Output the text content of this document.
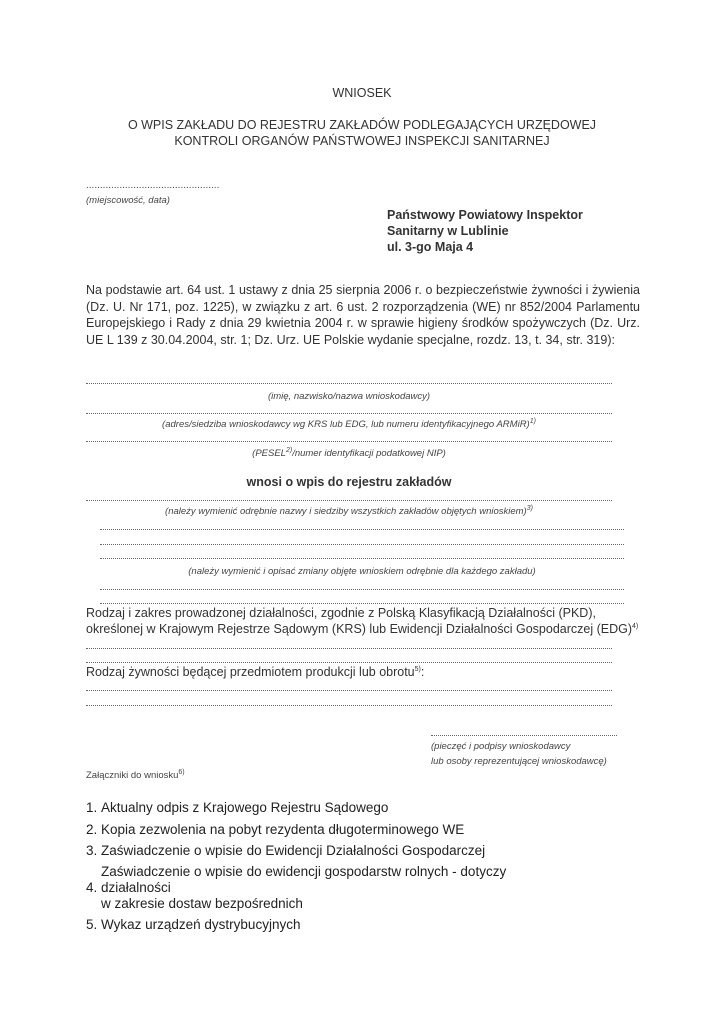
WNIOSEK
O WPIS ZAKŁADU DO REJESTRU ZAKŁADÓW PODLEGAJĄCYCH URZĘDOWEJ
KONTROLI ORGANÓW PAŃSTWOWEJ INSPEKCJI SANITARNEJ
................................................
(miejscowość, data)
Państwowy Powiatowy Inspektor
Sanitarny w Lublinie
ul. 3-go Maja 4
Na podstawie art. 64 ust. 1 ustawy z dnia 25 sierpnia 2006 r. o bezpieczeństwie żywności i żywienia (Dz. U. Nr 171, poz. 1225), w związku z art. 6 ust. 2 rozporządzenia (WE) nr 852/2004 Parlamentu Europejskiego i Rady z dnia 29 kwietnia 2004 r. w sprawie higieny środków spożywczych (Dz. Urz. UE L 139 z 30.04.2004, str. 1; Dz. Urz. UE Polskie wydanie specjalne, rozdz. 13, t. 34, str. 319):
(imię, nazwisko/nazwa wnioskodawcy)
(adres/siedziba wnioskodawcy wg KRS lub EDG, lub numeru identyfikacyjnego ARMiR)$^{1)}$
(PESEL$^{2)}$/numer identyfikacji podatkowej NIP)
wnosi o wpis do rejestru zakładów
(należy wymienić odrębnie nazwy i siedziby wszystkich zakładów objętych wnioskiem)$^{3)}$
(należy wymienić i opisać zmiany objęte wnioskiem odrębnie dla każdego zakładu)
Rodzaj i zakres prowadzonej działalności, zgodnie z Polską Klasyfikacją Działalności (PKD),
określonej w Krajowym Rejestrze Sądowym (KRS) lub Ewidencji Działalności Gospodarczej (EDG)$^{4)}$
Rodzaj żywności będącej przedmiotem produkcji lub obrotu$^{5)}$:
(pieczęć i podpisy wnioskodawcy
lub osoby reprezentującej wnioskodawcę)
Załączniki do wniosku$^{6)}$
1. Aktualny odpis z Krajowego Rejestru Sądowego
2. Kopia zezwolenia na pobyt rezydenta długoterminowego WE
3. Zaświadczenie o wpisie do Ewidencji Działalności Gospodarczej
Zaświadczenie o wpisie do ewidencji gospodarstw rolnych - dotyczy
4. działalności
w zakresie dostaw bezpośrednich
5. Wykaz urządzeń dystrybucyjnych
